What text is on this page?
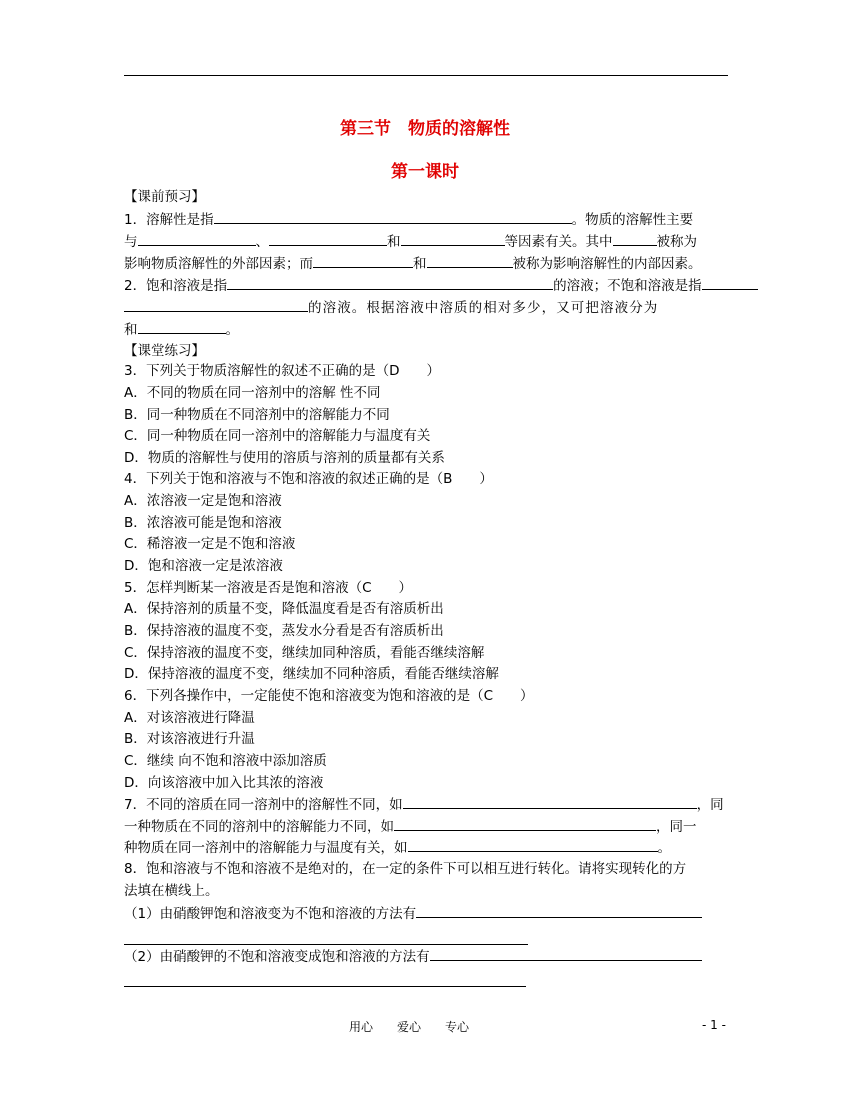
第三节　物质的溶解性
第一课时
【课前预习】
1．溶解性是指	。物质的溶解性主要
与	、	和	等因素有关。其中	被称为
影响物质溶解性的外部因素；而	和	被称为影响溶解性的内部因素。
2．饱和溶液是指	的溶液；不饱和溶液是指
的溶液。根据溶液中溶质的相对多少，又可把溶液分为
和	。
【课堂练习】
3．下列关于物质溶解性的叙述不正确的是（D　　）
A．不同的物质在同一溶剂中的溶解 性不同
B．同一种物质在不同溶剂中的溶解能力不同
C．同一种物质在同一溶剂中的溶解能力与温度有关
D．物质的溶解性与使用的溶质与溶剂的质量都有关系
4．下列关于饱和溶液与不饱和溶液的叙述正确的是（B　　）
A．浓溶液一定是饱和溶液
B．浓溶液可能是饱和溶液
C．稀溶液一定是不饱和溶液
D．饱和溶液一定是浓溶液
5．怎样判断某一溶液是否是饱和溶液（C　　）
A．保持溶剂的质量不变，降低温度看是否有溶质析出
B．保持溶液的温度不变，蒸发水分看是否有溶质析出
C．保持溶液的温度不变，继续加同种溶质，看能否继续溶解
D．保持溶液的温度不变，继续加不同种溶质，看能否继续溶解
6．下列各操作中，一定能使不饱和溶液变为饱和溶液的是（C　　）
A．对该溶液进行降温
B．对该溶液进行升温
C．继续 向不饱和溶液中添加溶质
D．向该溶液中加入比其浓的溶液
7．不同的溶质在同一溶剂中的溶解性不同，如	，同
一种物质在不同的溶剂中的溶解能力不同，如	，同一
种物质在同一溶剂中的溶解能力与温度有关，如	。
8．饱和溶液与不饱和溶液不是绝对的，在一定的条件下可以相互进行转化。请将实现转化的方
法填在横线上。
（1）由硝酸钾饱和溶液变为不饱和溶液的方法有
（2）由硝酸钾的不饱和溶液变成饱和溶液的方法有
用心　　爱心　　专心	- 1 -
